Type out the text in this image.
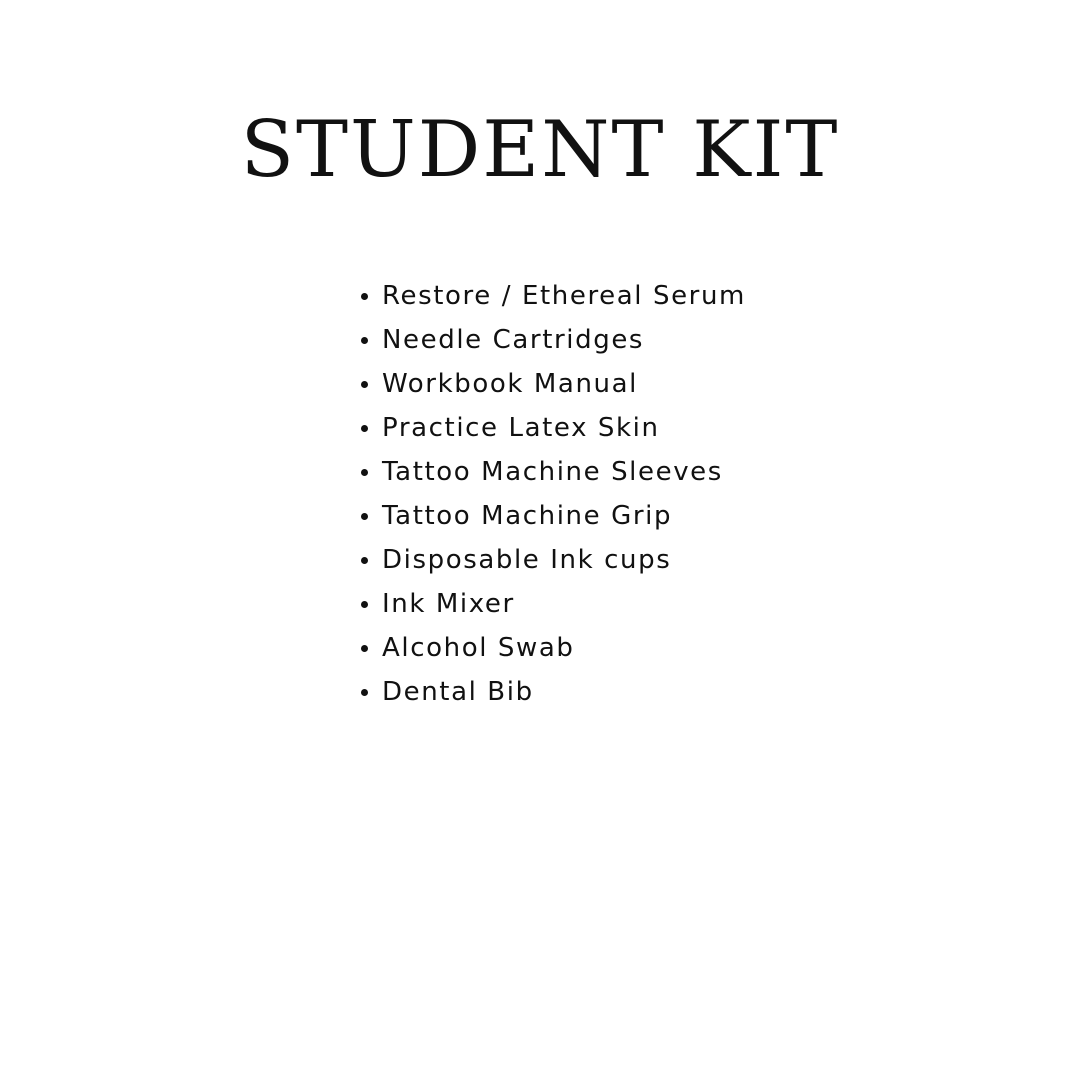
STUDENT KIT
Restore / Ethereal Serum
Needle Cartridges
Workbook Manual
Practice Latex Skin
Tattoo Machine Sleeves
Tattoo Machine Grip
Disposable Ink cups
Ink Mixer
Alcohol Swab
Dental Bib
